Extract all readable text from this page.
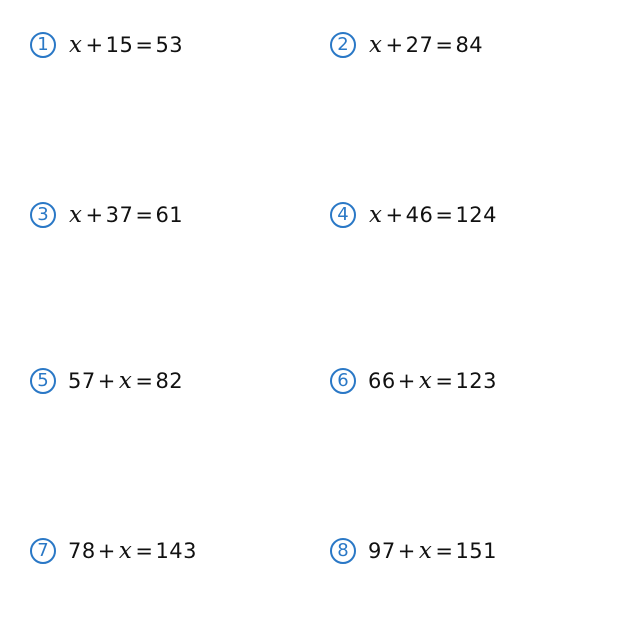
1 x + 15 = 53	2 x + 27 = 84
3 x + 37 = 61	4 x + 46 = 124
5 57 + x = 82	6 66 + x = 123
7 78 + x = 143	8 97 + x = 151
